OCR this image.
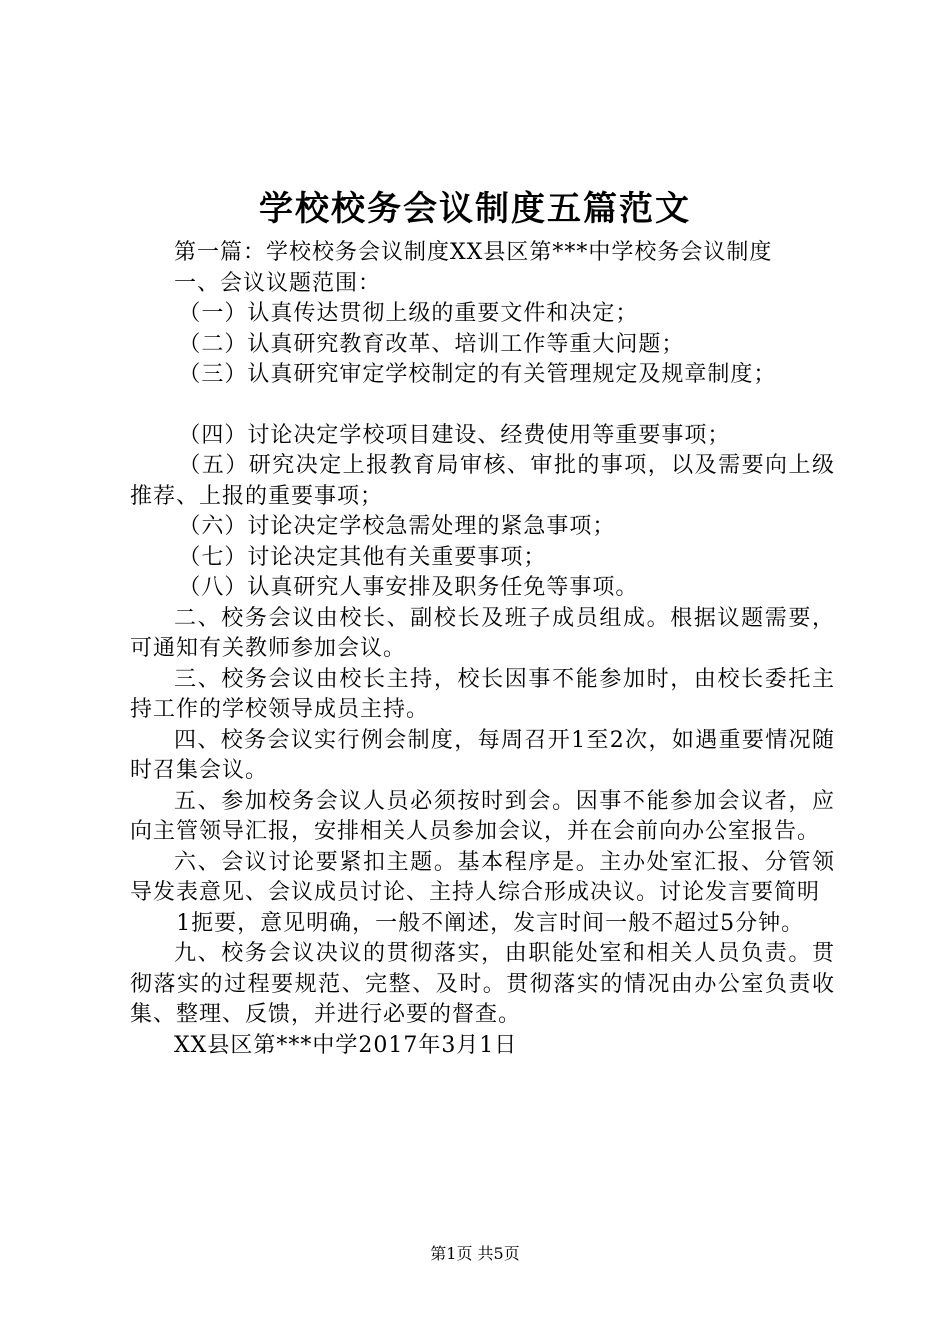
学校校务会议制度五篇范文

第一篇：学校校务会议制度XX县区第***中学校务会议制度

一、会议议题范围：

（一）认真传达贯彻上级的重要文件和决定；

（二）认真研究教育改革、培训工作等重大问题；

（三）认真研究审定学校制定的有关管理规定及规章制度；

（四）讨论决定学校项目建设、经费使用等重要事项；

（五）研究决定上报教育局审核、审批的事项，以及需要向上级推荐、上报的重要事项；

（六）讨论决定学校急需处理的紧急事项；

（七）讨论决定其他有关重要事项；

（八）认真研究人事安排及职务任免等事项。

二、校务会议由校长、副校长及班子成员组成。根据议题需要，可通知有关教师参加会议。

三、校务会议由校长主持，校长因事不能参加时，由校长委托主持工作的学校领导成员主持。

四、校务会议实行例会制度，每周召开1至2次，如遇重要情况随时召集会议。

五、参加校务会议人员必须按时到会。因事不能参加会议者，应向主管领导汇报，安排相关人员参加会议，并在会前向办公室报告。

六、会议讨论要紧扣主题。基本程序是。主办处室汇报、分管领导发表意见、会议成员讨论、主持人综合形成决议。讨论发言要简明

1扼要，意见明确，一般不阐述，发言时间一般不超过5分钟。

九、校务会议决议的贯彻落实，由职能处室和相关人员负责。贯彻落实的过程要规范、完整、及时。贯彻落实的情况由办公室负责收集、整理、反馈，并进行必要的督查。

XX县区第***中学2017年3月1日

第1页 共5页
